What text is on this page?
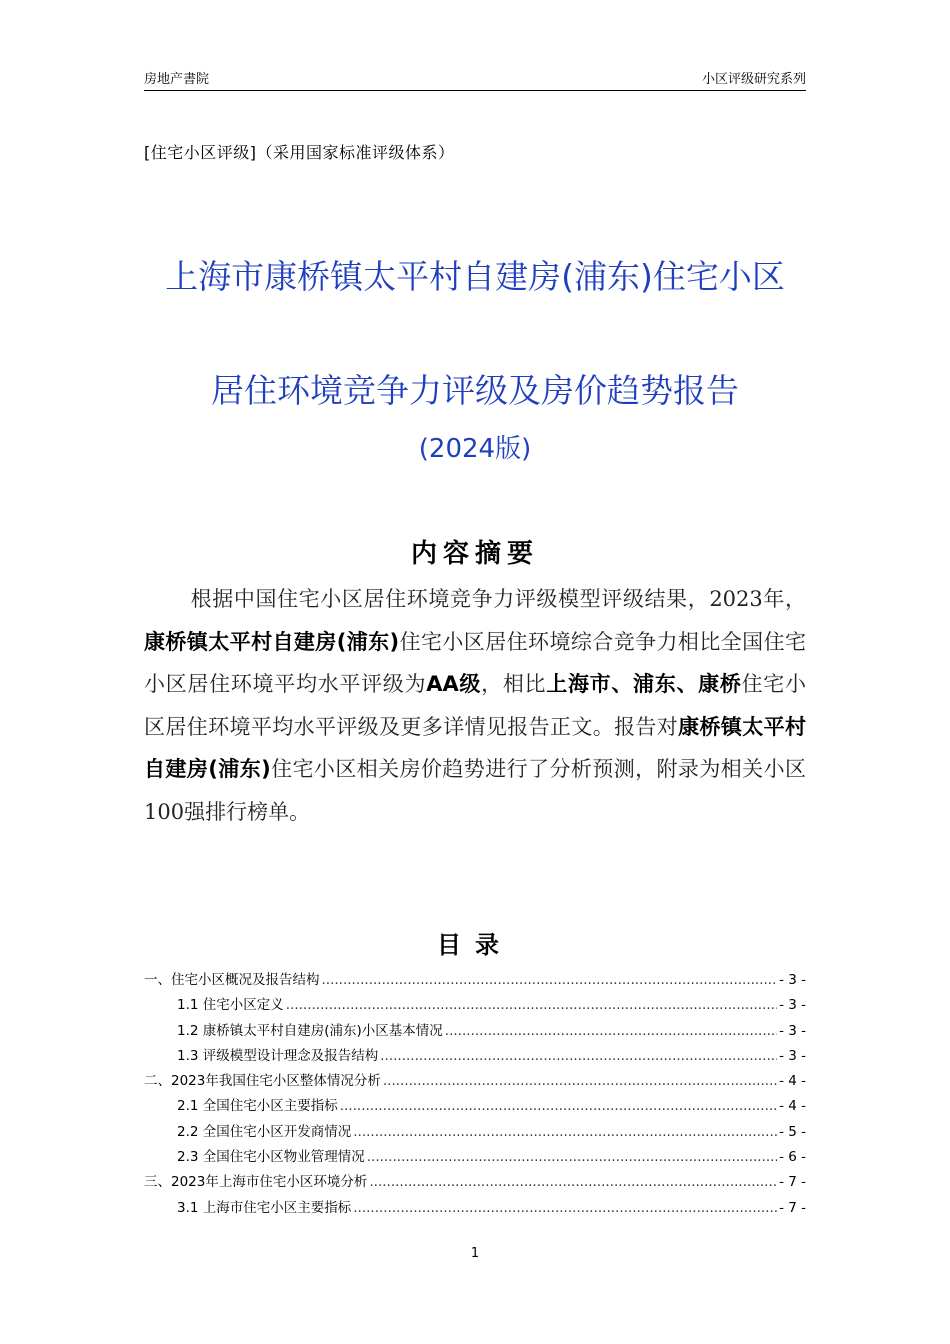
房地产書院	小区评级研究系列
[住宅小区评级]（采用国家标准评级体系）
上海市康桥镇太平村自建房(浦东)住宅小区
居住环境竞争力评级及房价趋势报告
(2024版)
内容摘要
根据中国住宅小区居住环境竞争力评级模型评级结果，2023年，康桥镇太平村自建房(浦东)住宅小区居住环境综合竞争力相比全国住宅小区居住环境平均水平评级为AA级，相比上海市、浦东、康桥住宅小区居住环境平均水平评级及更多详情见报告正文。报告对康桥镇太平村自建房(浦东)住宅小区相关房价趋势进行了分析预测，附录为相关小区100强排行榜单。
目录
一、住宅小区概况及报告结构 .....	- 3 -
1.1 住宅小区定义 .....	- 3 -
1.2 康桥镇太平村自建房(浦东)小区基本情况 .....	- 3 -
1.3 评级模型设计理念及报告结构 .....	- 3 -
二、2023年我国住宅小区整体情况分析 .....	- 4 -
2.1 全国住宅小区主要指标 .....	- 4 -
2.2 全国住宅小区开发商情况 .....	- 5 -
2.3 全国住宅小区物业管理情况 .....	- 6 -
三、2023年上海市住宅小区环境分析 .....	- 7 -
3.1 上海市住宅小区主要指标 .....	- 7 -
1
